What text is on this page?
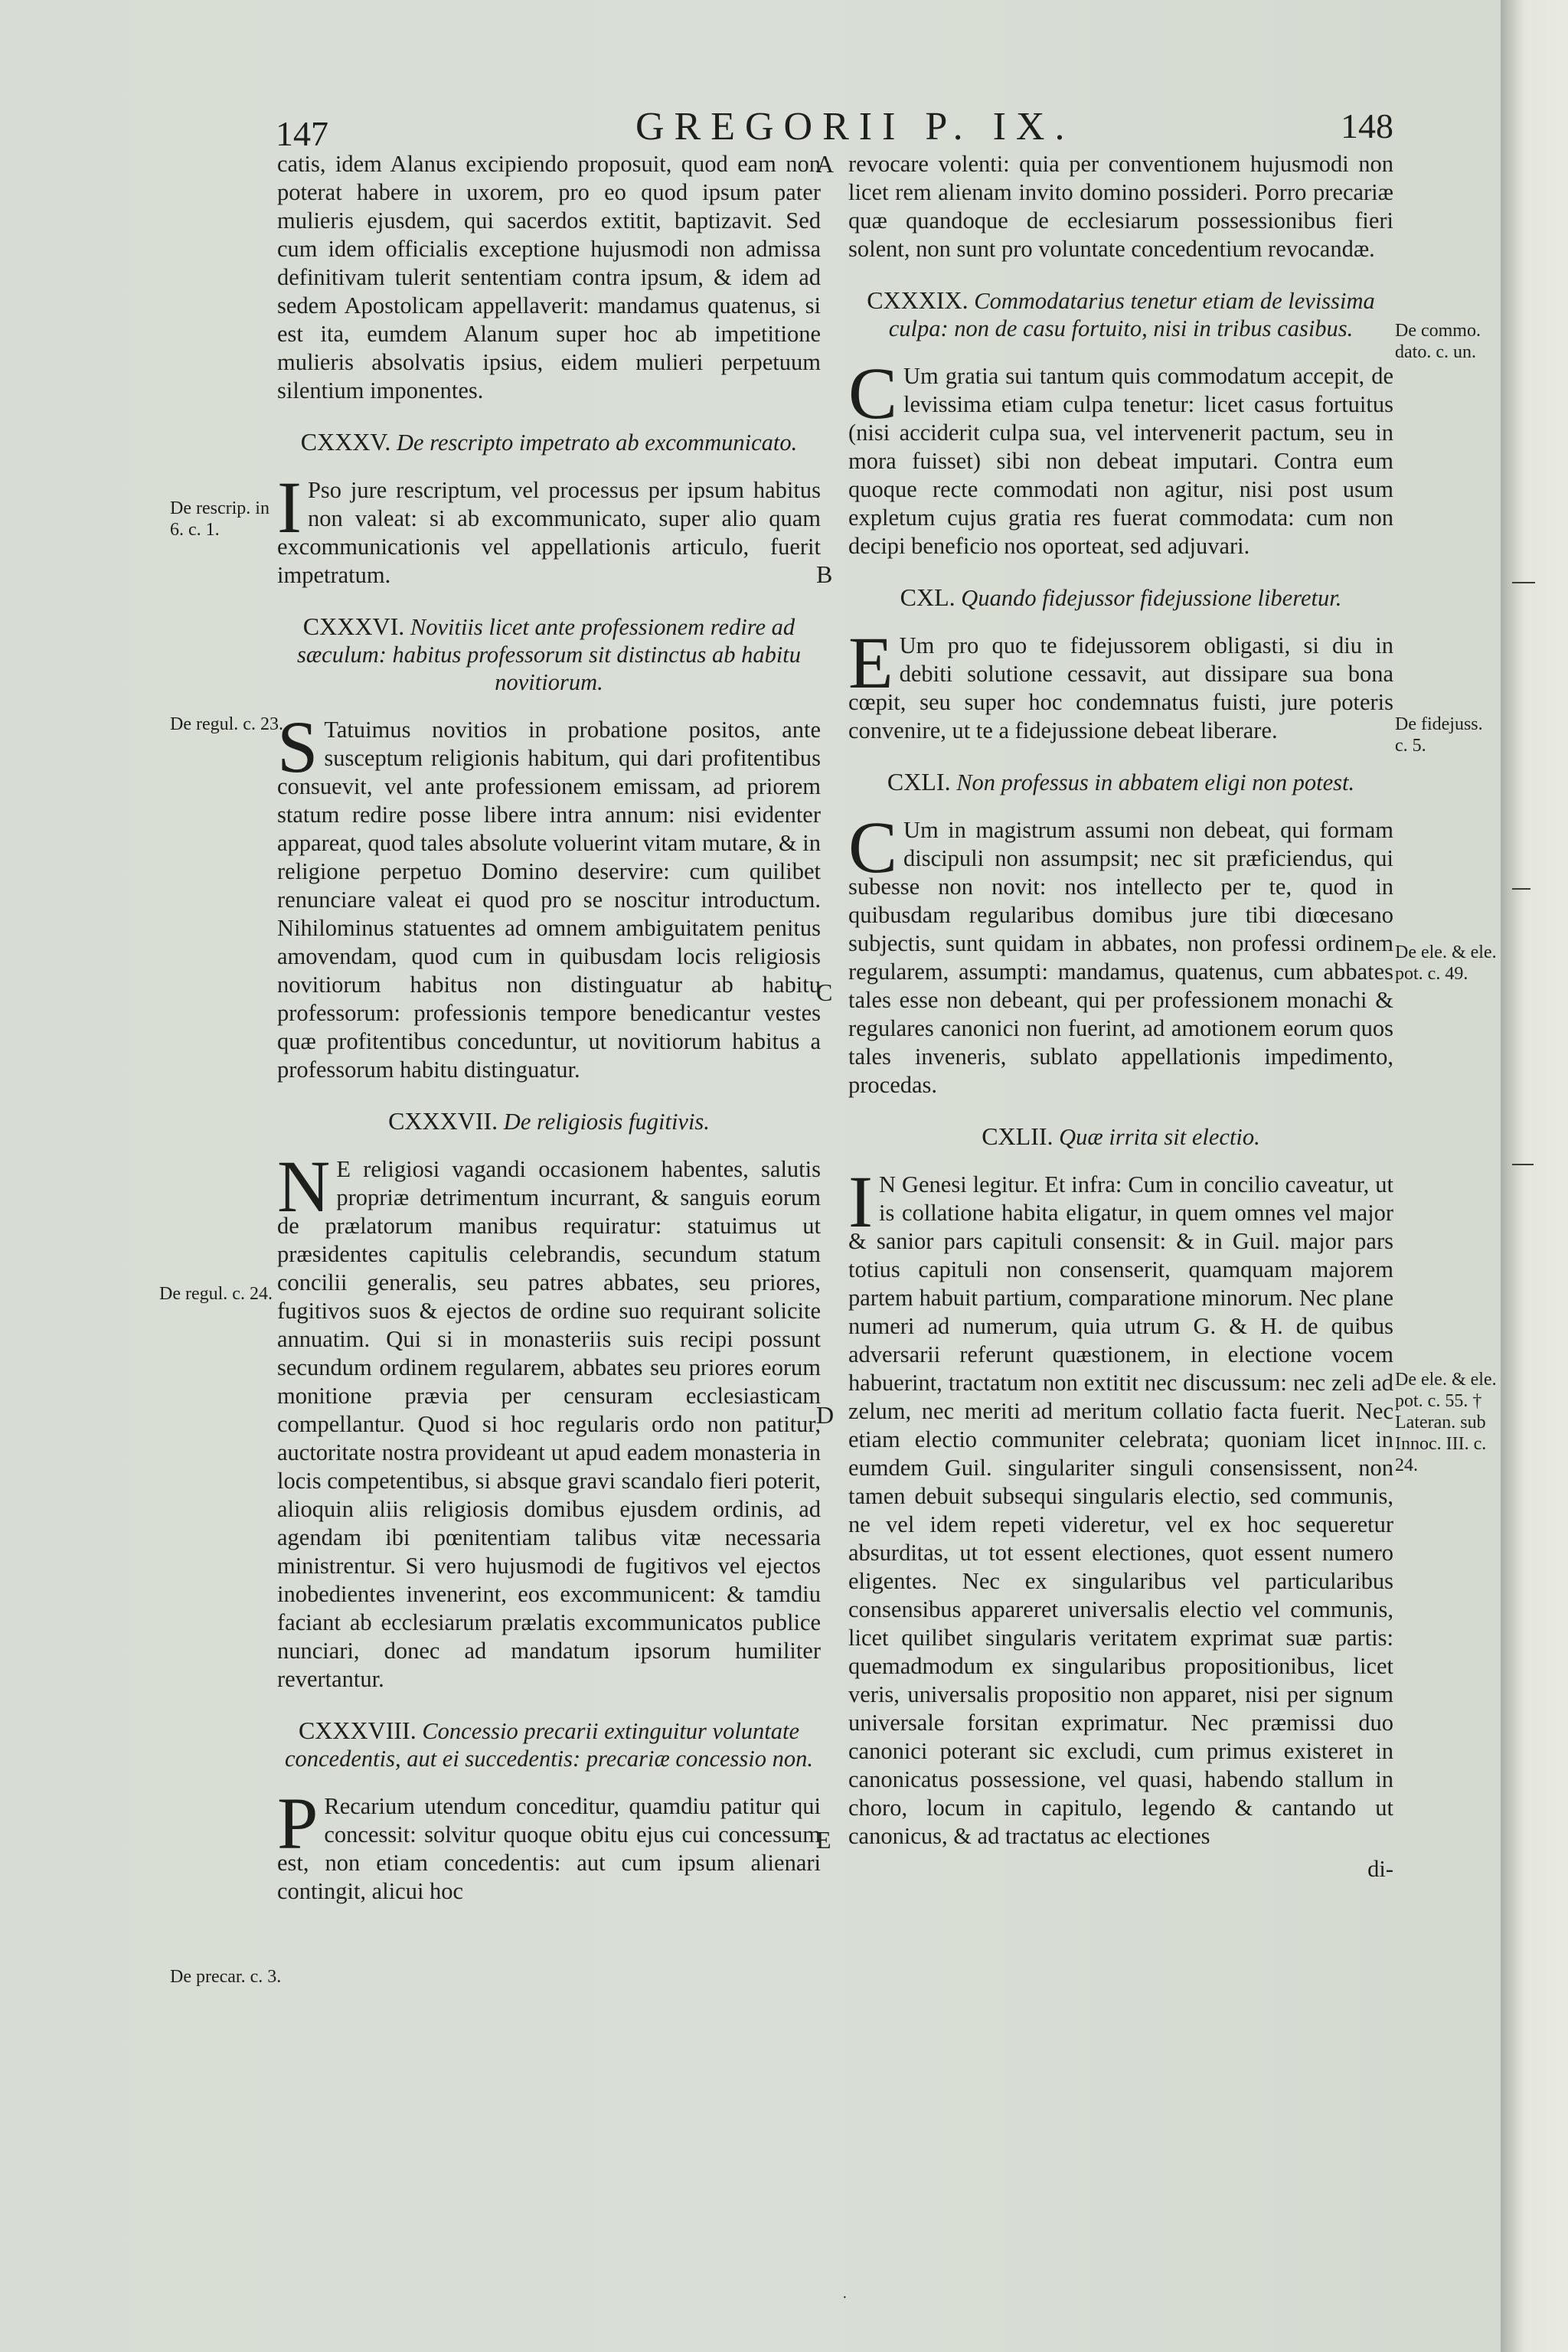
147	GREGORII P. IX.	148
A
B
C
D
E
De rescrip. in 6. c. 1.
De regul. c. 23.
De regul. c. 24.
De precar. c. 3.
De commo. dato. c. un.
De fidejuss. c. 5.
De ele. & ele. pot. c. 49.
De ele. & ele. pot. c. 55. † Lateran. sub Innoc. III. c. 24.

catis, idem Alanus excipiendo proposuit, quod eam non poterat habere in uxorem, pro eo quod ipsum pater mulieris ejusdem, qui sacerdos extitit, baptizavit. Sed cum idem officialis exceptione hujusmodi non admissa definitivam tulerit sententiam contra ipsum, & idem ad sedem Apostolicam appellaverit: mandamus quatenus, si est ita, eumdem Alanum super hoc ab impetitione mulieris absolvatis ipsius, eidem mulieri perpetuum silentium imponentes.

CXXXV. De rescripto impetrato ab excommunicato.

I Pso jure rescriptum, vel processus per ipsum habitus non valeat: si ab excommunicato, super alio quam excommunicationis vel appellationis articulo, fuerit impetratum.

CXXXVI. Novitiis licet ante professionem redire ad sæculum: habitus professorum sit distinctus ab habitu novitiorum.

S Tatuimus novitios in probatione positos, ante susceptum religionis habitum, qui dari profitentibus consuevit, vel ante professionem emissam, ad priorem statum redire posse libere intra annum: nisi evidenter appareat, quod tales absolute voluerint vitam mutare, & in religione perpetuo Domino deservire: cum quilibet renunciare valeat ei quod pro se noscitur introductum. Nihilominus statuentes ad omnem ambiguitatem penitus amovendam, quod cum in quibusdam locis religiosis novitiorum habitus non distinguatur ab habitu professorum: professionis tempore benedicantur vestes quæ profitentibus conceduntur, ut novitiorum habitus a professorum habitu distinguatur.

CXXXVII. De religiosis fugitivis.

N E religiosi vagandi occasionem habentes, salutis propriæ detrimentum incurrant, & sanguis eorum de prælatorum manibus requiratur: statuimus ut præsidentes capitulis celebrandis, secundum statum concilii generalis, seu patres abbates, seu priores, fugitivos suos & ejectos de ordine suo requirant solicite annuatim. Qui si in monasteriis suis recipi possunt secundum ordinem regularem, abbates seu priores eorum monitione prævia per censuram ecclesiasticam compellantur. Quod si hoc regularis ordo non patitur, auctoritate nostra provideant ut apud eadem monasteria in locis competentibus, si absque gravi scandalo fieri poterit, alioquin aliis religiosis domibus ejusdem ordinis, ad agendam ibi pœnitentiam talibus vitæ necessaria ministrentur. Si vero hujusmodi de fugitivos vel ejectos inobedientes invenerint, eos excommunicent: & tamdiu faciant ab ecclesiarum prælatis excommunicatos publice nunciari, donec ad mandatum ipsorum humiliter revertantur.

CXXXVIII. Concessio precarii extinguitur voluntate concedentis, aut ei succedentis: precariæ concessio non.

P Recarium utendum conceditur, quamdiu patitur qui concessit: solvitur quoque obitu ejus cui concessum est, non etiam concedentis: aut cum ipsum alienari contingit, alicui hoc

revocare volenti: quia per conventionem hujusmodi non licet rem alienam invito domino possideri. Porro precariæ quæ quandoque de ecclesiarum possessionibus fieri solent, non sunt pro voluntate concedentium revocandæ.

CXXXIX. Commodatarius tenetur etiam de levissima culpa: non de casu fortuito, nisi in tribus casibus.

C Um gratia sui tantum quis commodatum accepit, de levissima etiam culpa tenetur: licet casus fortuitus (nisi acciderit culpa sua, vel intervenerit pactum, seu in mora fuisset) sibi non debeat imputari. Contra eum quoque recte commodati non agitur, nisi post usum expletum cujus gratia res fuerat commodata: cum non decipi beneficio nos oporteat, sed adjuvari.

CXL. Quando fidejussor fidejussione liberetur.

E Um pro quo te fidejussorem obligasti, si diu in debiti solutione cessavit, aut dissipare sua bona cœpit, seu super hoc condemnatus fuisti, jure poteris convenire, ut te a fidejussione debeat liberare.

CXLI. Non professus in abbatem eligi non potest.

C Um in magistrum assumi non debeat, qui formam discipuli non assumpsit; nec sit præficiendus, qui subesse non novit: nos intellecto per te, quod in quibusdam regularibus domibus jure tibi diœcesano subjectis, sunt quidam in abbates, non professi ordinem regularem, assumpti: mandamus, quatenus, cum abbates tales esse non debeant, qui per professionem monachi & regulares canonici non fuerint, ad amotionem eorum quos tales inveneris, sublato appellationis impedimento, procedas.

CXLII. Quæ irrita sit electio.

I N Genesi legitur. Et infra: Cum in concilio caveatur, ut is collatione habita eligatur, in quem omnes vel major & sanior pars capituli consensit: & in Guil. major pars totius capituli non consenserit, quamquam majorem partem habuit partium, comparatione minorum. Nec plane numeri ad numerum, quia utrum G. & H. de quibus adversarii referunt quæstionem, in electione vocem habuerint, tractatum non extitit nec discussum: nec zeli ad zelum, nec meriti ad meritum collatio facta fuerit. Nec etiam electio communiter celebrata; quoniam licet in eumdem Guil. singulariter singuli consensissent, non tamen debuit subsequi singularis electio, sed communis, ne vel idem repeti videretur, vel ex hoc sequeretur absurditas, ut tot essent electiones, quot essent numero eligentes. Nec ex singularibus vel particularibus consensibus appareret universalis electio vel communis, licet quilibet singularis veritatem exprimat suæ partis: quemadmodum ex singularibus propositionibus, licet veris, universalis propositio non apparet, nisi per signum universale forsitan exprimatur. Nec præmissi duo canonici poterant sic excludi, cum primus existeret in canonicatus possessione, vel quasi, habendo stallum in choro, locum in capitulo, legendo & cantando ut canonicus, & ad tractatus ac electiones

di-
·
